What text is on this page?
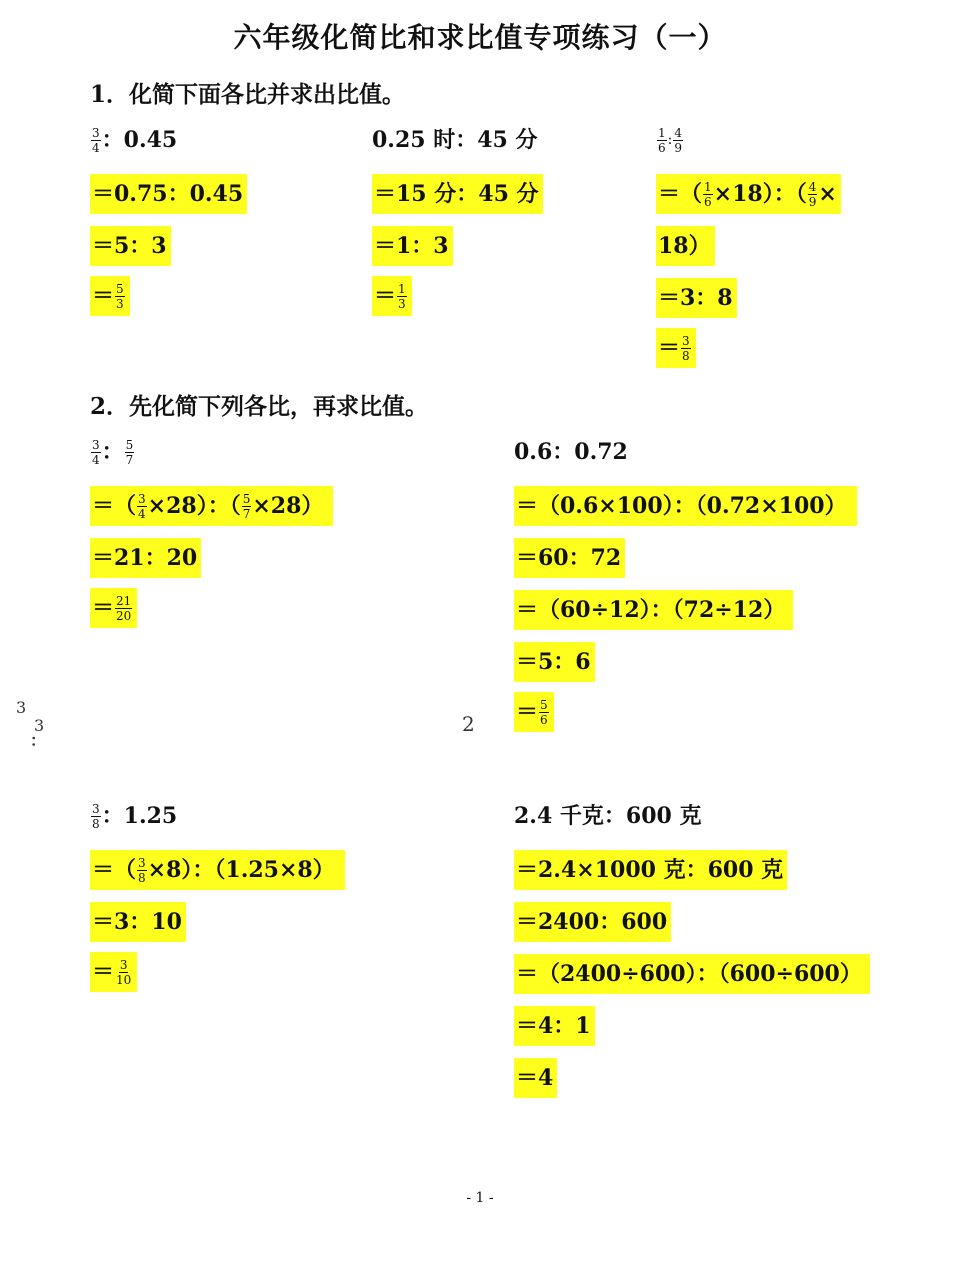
六年级化简比和求比值专项练习（一）
1．化简下面各比并求出比值。
$\frac{3}{4}$ ：0.45
＝0.75：0.45
＝5：3
＝ $\frac{5}{3}$
0.25 时：45 分
＝15 分：45 分
＝1：3
＝ $\frac{1}{3}$
$\frac{1}{6}$ : $\frac{4}{9}$
＝（ $\frac{1}{6} \times 18$）：（ $\frac{4}{9}$ ×
18）
＝3：8
＝ $\frac{3}{8}$
2．先化简下列各比，再求比值。
$\frac{3}{4}$ ： $\frac{5}{7}$
＝（ $\frac{3}{4} \times 28$）：（ $\frac{5}{7} \times 28$）
＝21：20
＝ $\frac{21}{20}$
0.6：0.72
＝（0.6×100）：（0.72×100）
＝60：72
＝（60÷12）：（72÷12）
＝5：6
＝ $\frac{5}{6}$
3
3
：
2
$\frac{3}{8}$ ：1.25
＝（ $\frac{3}{8} \times 8$）：（1.25×8）
＝3：10
＝ $\frac{3}{10}$
2.4 千克：600 克
＝2.4×1000 克：600 克
＝2400：600
＝（2400÷600）：（600÷600）
＝4：1
＝4
- 1 -
